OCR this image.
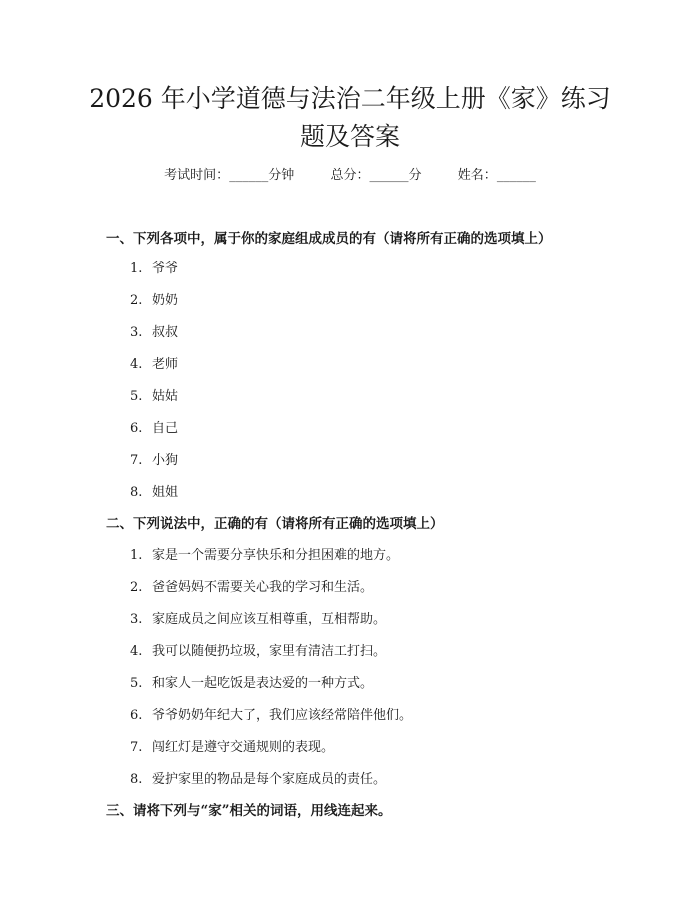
2026 年小学道德与法治二年级上册《家》练习题及答案
考试时间：______分钟	总分：______分	姓名：______
一、下列各项中，属于你的家庭组成成员的有（请将所有正确的选项填上）
1. 爷爷
2. 奶奶
3. 叔叔
4. 老师
5. 姑姑
6. 自己
7. 小狗
8. 姐姐
二、下列说法中，正确的有（请将所有正确的选项填上）
1. 家是一个需要分享快乐和分担困难的地方。
2. 爸爸妈妈不需要关心我的学习和生活。
3. 家庭成员之间应该互相尊重，互相帮助。
4. 我可以随便扔垃圾，家里有清洁工打扫。
5. 和家人一起吃饭是表达爱的一种方式。
6. 爷爷奶奶年纪大了，我们应该经常陪伴他们。
7. 闯红灯是遵守交通规则的表现。
8. 爱护家里的物品是每个家庭成员的责任。
三、请将下列与“家”相关的词语，用线连起来。
